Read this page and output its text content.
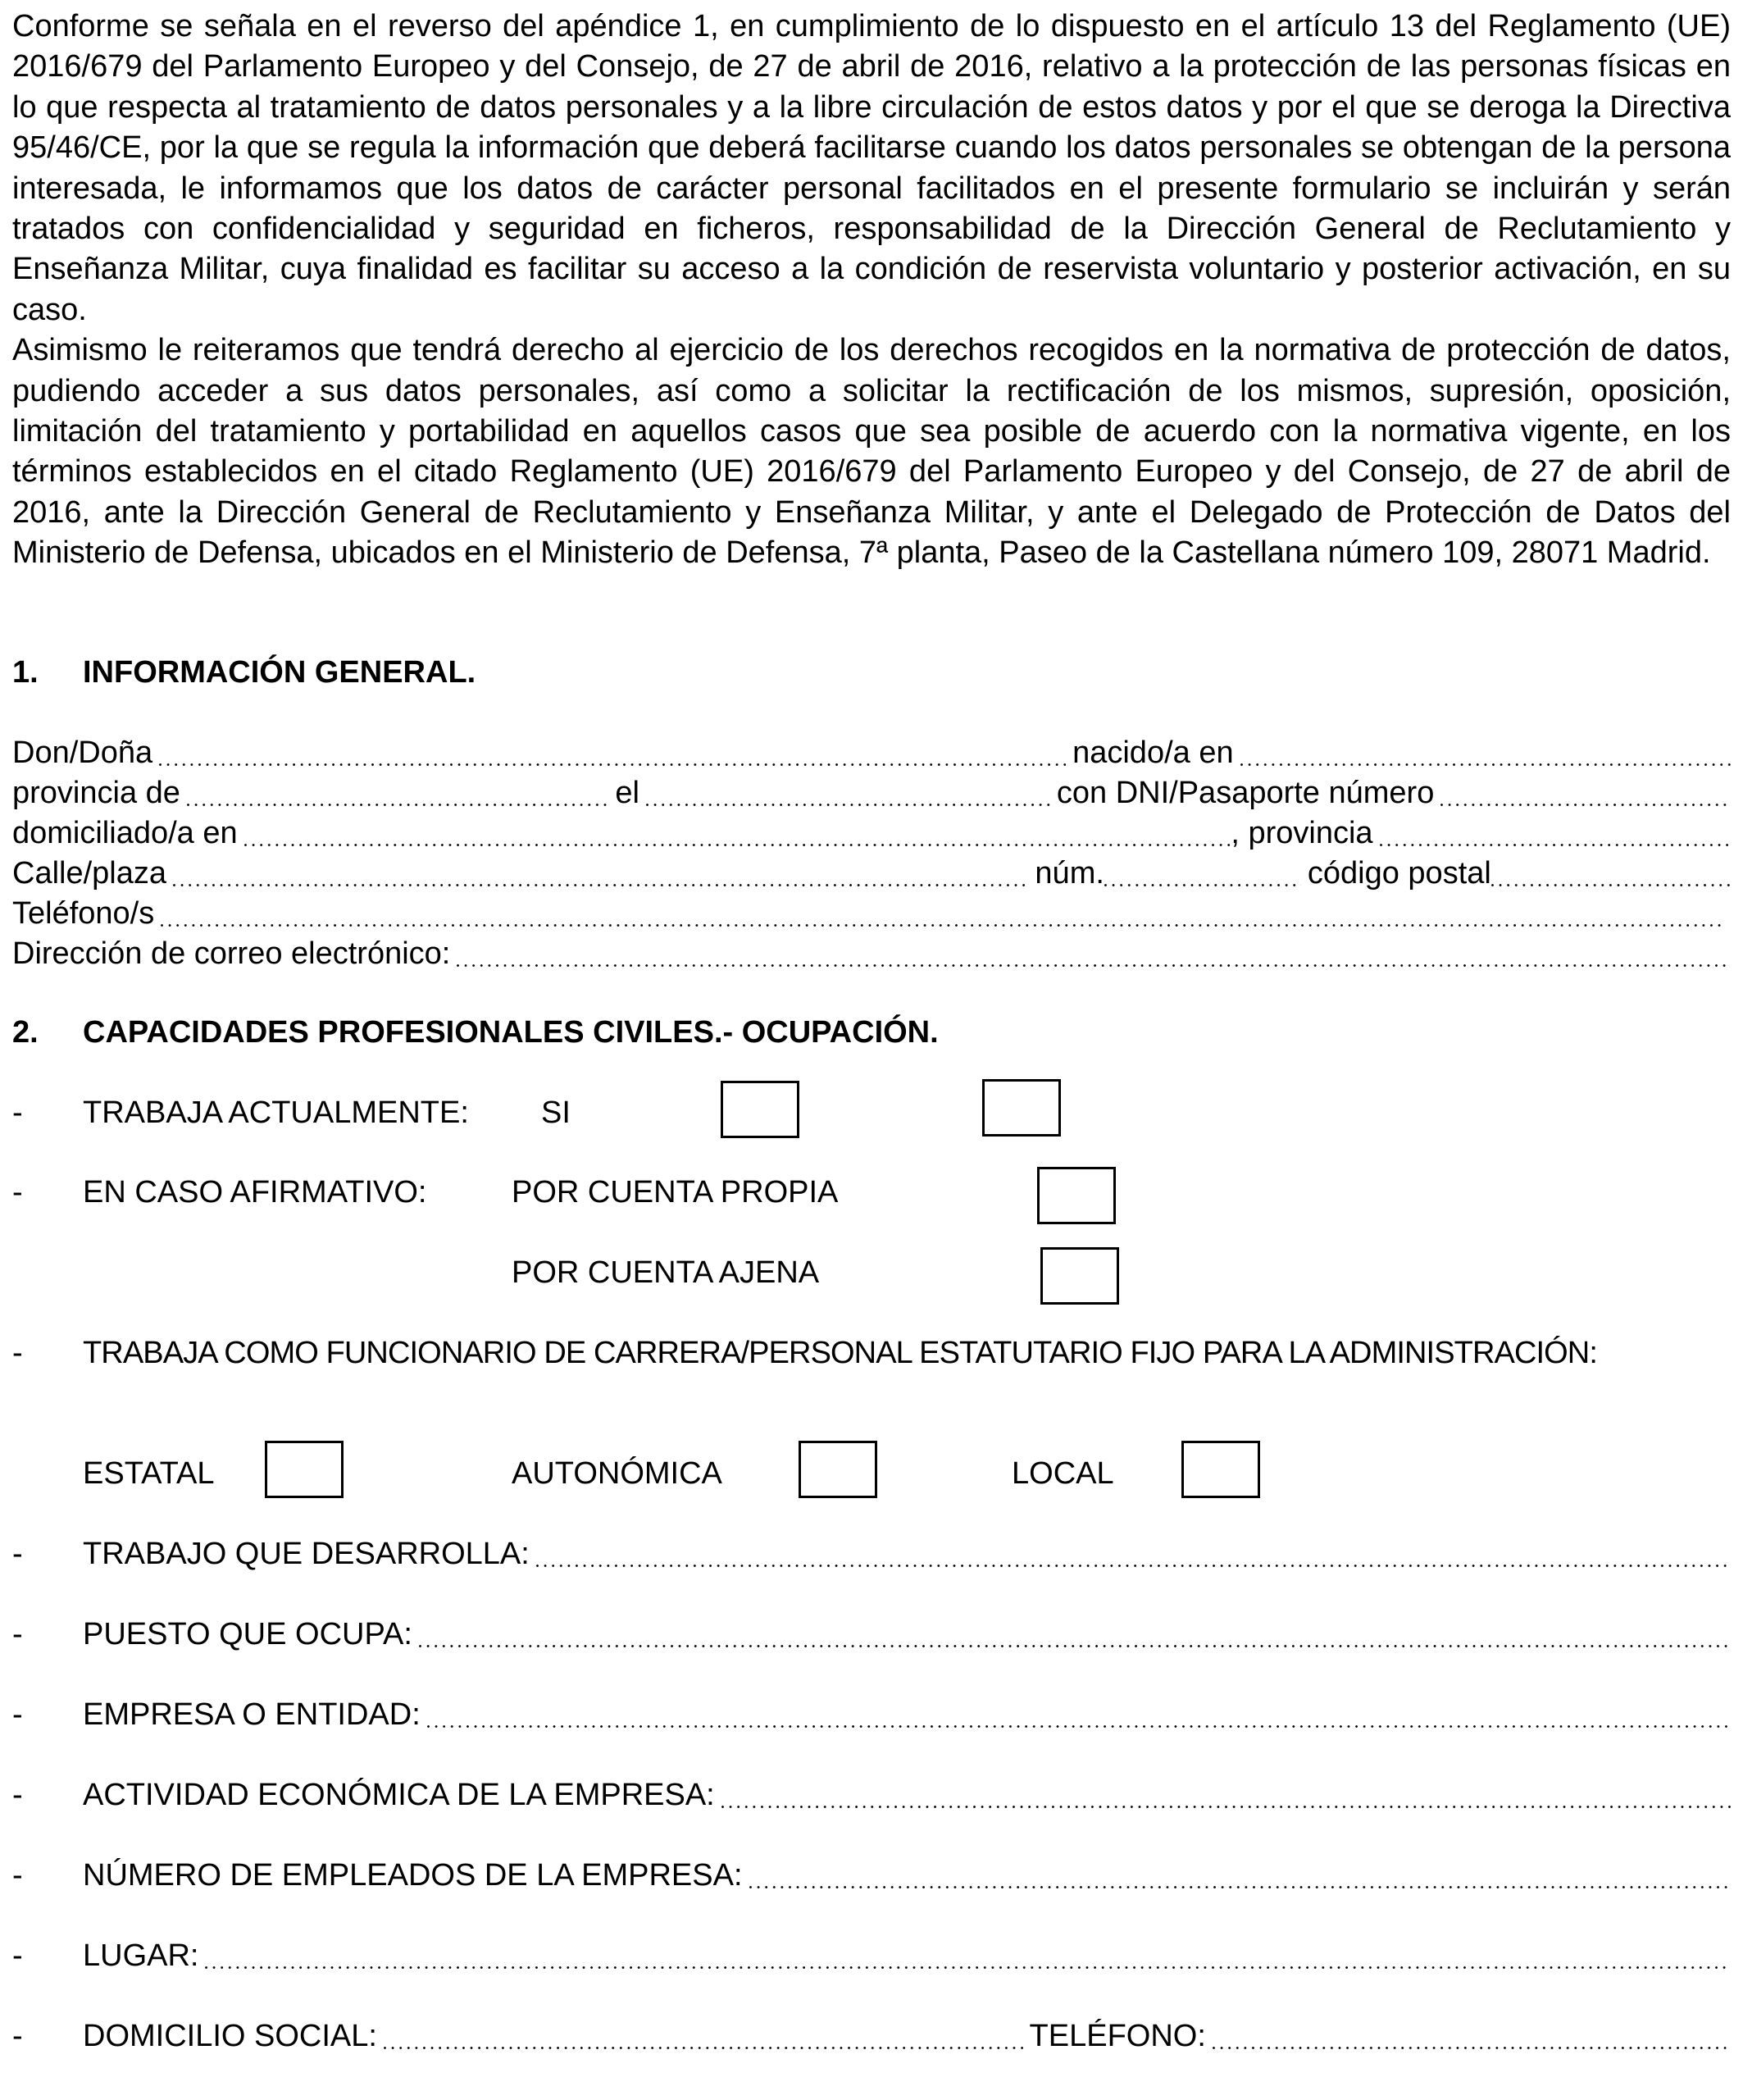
Conforme se señala en el reverso del apéndice 1, en cumplimiento de lo dispuesto en el artículo 13 del Reglamento (UE) 2016/679 del Parlamento Europeo y del Consejo, de 27 de abril de 2016, relativo a la protección de las personas físicas en lo que respecta al tratamiento de datos personales y a la libre circulación de estos datos y por el que se deroga la Directiva 95/46/CE, por la que se regula la información que deberá facilitarse cuando los datos personales se obtengan de la persona interesada, le informamos que los datos de carácter personal facilitados en el presente formulario se incluirán y serán tratados con confidencialidad y seguridad en ficheros, responsabilidad de la Dirección General de Reclutamiento y Enseñanza Militar, cuya finalidad es facilitar su acceso a la condición de reservista voluntario y posterior activación, en su caso.

Asimismo le reiteramos que tendrá derecho al ejercicio de los derechos recogidos en la normativa de protección de datos, pudiendo acceder a sus datos personales, así como a solicitar la rectificación de los mismos, supresión, oposición, limitación del tratamiento y portabilidad en aquellos casos que sea posible de acuerdo con la normativa vigente, en los términos establecidos en el citado Reglamento (UE) 2016/679 del Parlamento Europeo y del Consejo, de 27 de abril de 2016, ante la Dirección General de Reclutamiento y Enseñanza Militar, y ante el Delegado de Protección de Datos del Ministerio de Defensa, ubicados en el Ministerio de Defensa, 7ª planta, Paseo de la Castellana número 109, 28071 Madrid.

1. INFORMACIÓN GENERAL.
Don/Doña	nacido/a en
provincia de	el	con DNI/Pasaporte número
domiciliado/a en	, provincia
Calle/plaza	núm.	código postal
Teléfono/s
Dirección de correo electrónico:
2. CAPACIDADES PROFESIONALES CIVILES.- OCUPACIÓN.
- TRABAJA ACTUALMENTE: SI
- EN CASO AFIRMATIVO:	POR CUENTA PROPIA
POR CUENTA AJENA
- TRABAJA COMO FUNCIONARIO DE CARRERA/PERSONAL ESTATUTARIO FIJO PARA LA ADMINISTRACIÓN:
ESTATAL	AUTONÓMICA	LOCAL
-	TRABAJO QUE DESARROLLA:
-	PUESTO QUE OCUPA:
-	EMPRESA O ENTIDAD:
-	ACTIVIDAD ECONÓMICA DE LA EMPRESA:
-	NÚMERO DE EMPLEADOS DE LA EMPRESA:
-	LUGAR:
-	DOMICILIO SOCIAL:	TELÉFONO:
